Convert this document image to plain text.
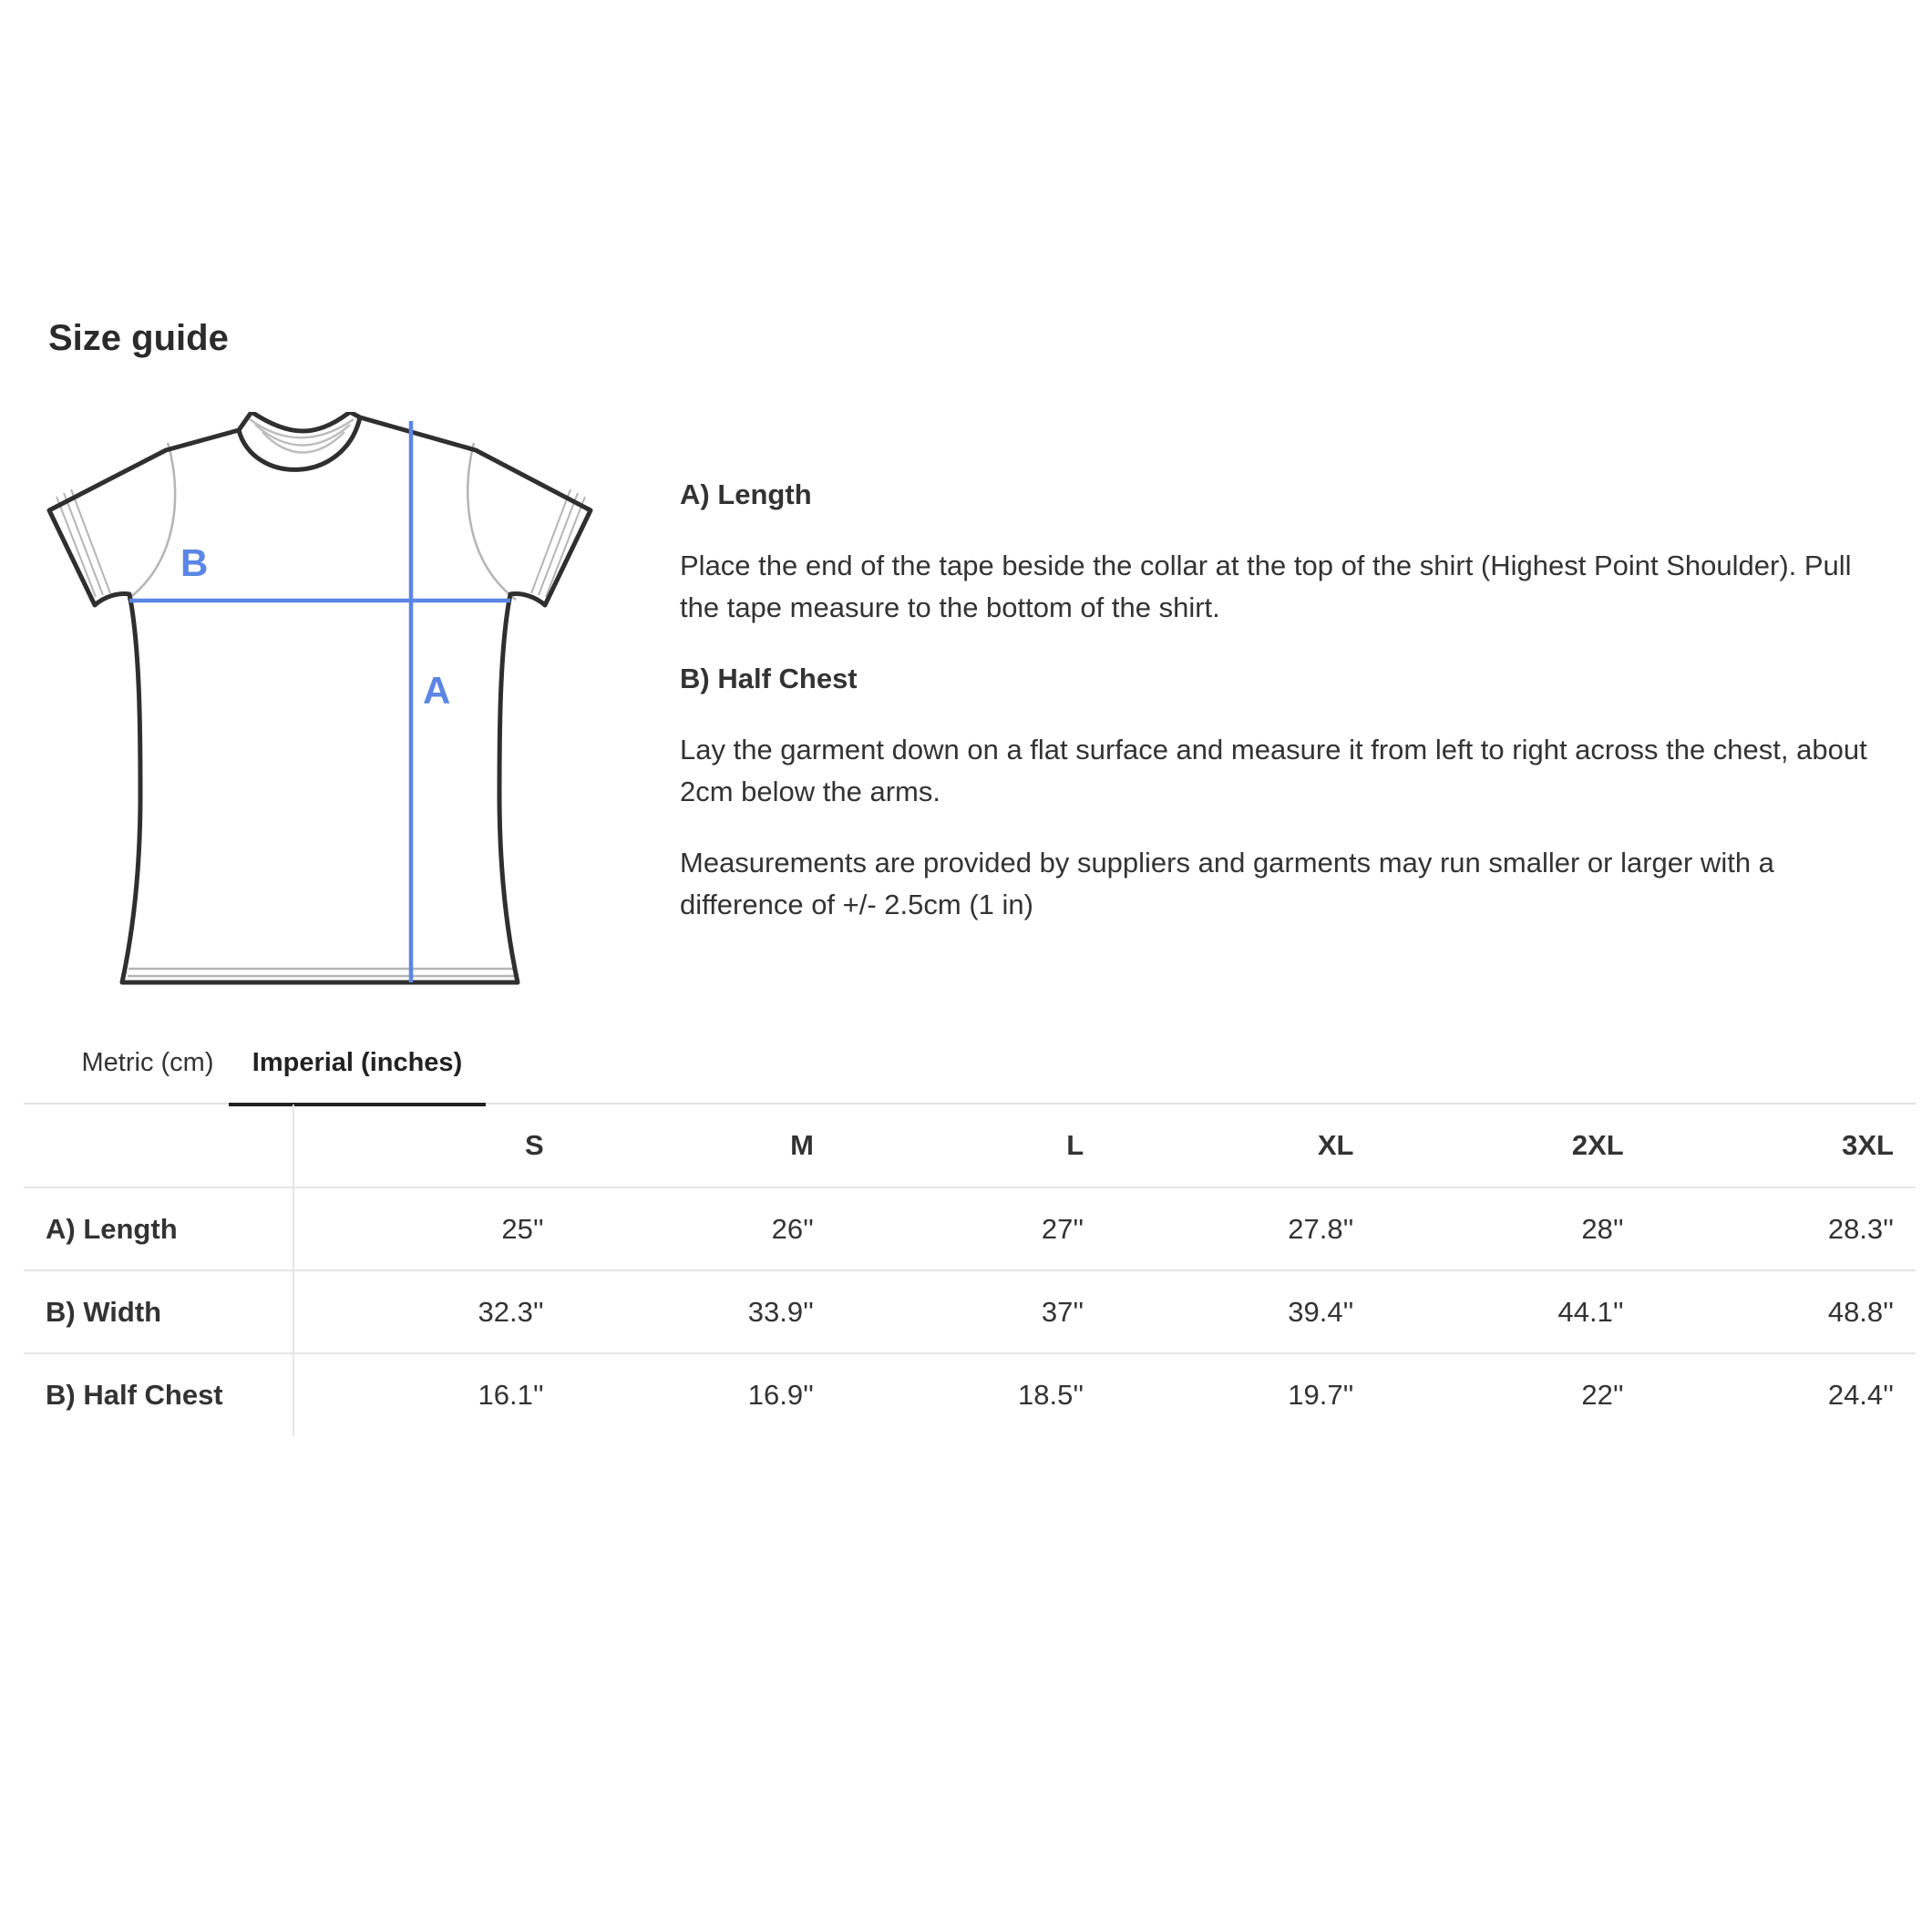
Size guide
B
A
A) Length

Place the end of the tape beside the collar at the top of the shirt (Highest Point Shoulder). Pull the tape measure to the bottom of the shirt.

B) Half Chest

Lay the garment down on a flat surface and measure it from left to right across the chest, about 2cm below the arms.

Measurements are provided by suppliers and garments may run smaller or larger with a difference of +/- 2.5cm (1 in)

Metric (cm)	Imperial (inches)
	S	M	L	XL	2XL	3XL
A) Length	25''	26''	27''	27.8''	28''	28.3''
B) Width	32.3''	33.9''	37''	39.4''	44.1''	48.8''
B) Half Chest	16.1''	16.9''	18.5''	19.7''	22''	24.4''
